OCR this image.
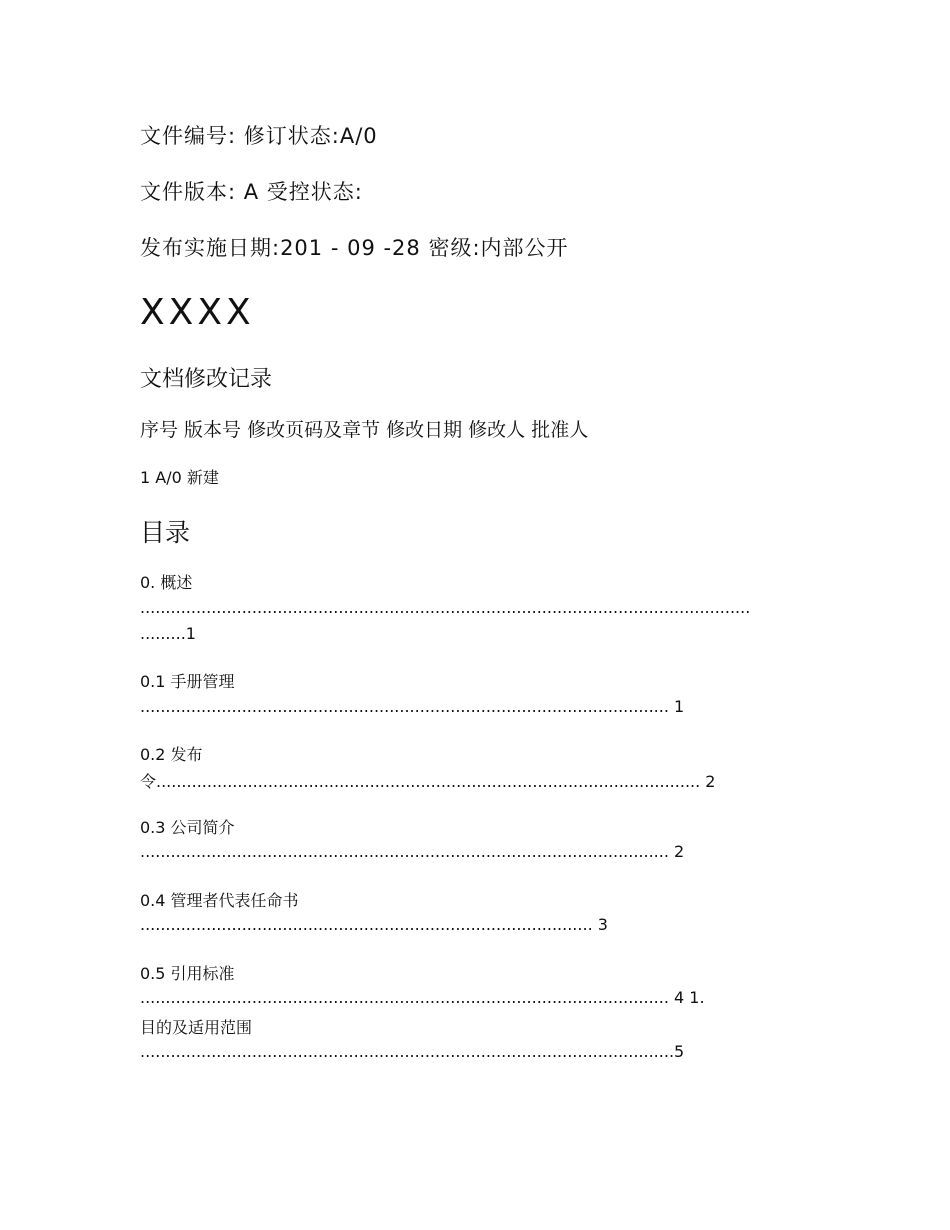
文件编号: 修订状态:A/0
文件版本: A 受控状态:
发布实施日期:201 - 09 -28 密级:内部公开
XXXX
文档修改记录
序号 版本号 修改页码及章节 修改日期 修改人 批准人
1 A/0 新建
目录
0. 概述
........................................................................................................................
.........1
0.1 手册管理
........................................................................................................ 1
0.2 发布
令........................................................................................................... 2
0.3 公司简介
........................................................................................................ 2
0.4 管理者代表任命书
......................................................................................... 3
0.5 引用标准
........................................................................................................ 4 1.
目的及适用范围
.........................................................................................................5
